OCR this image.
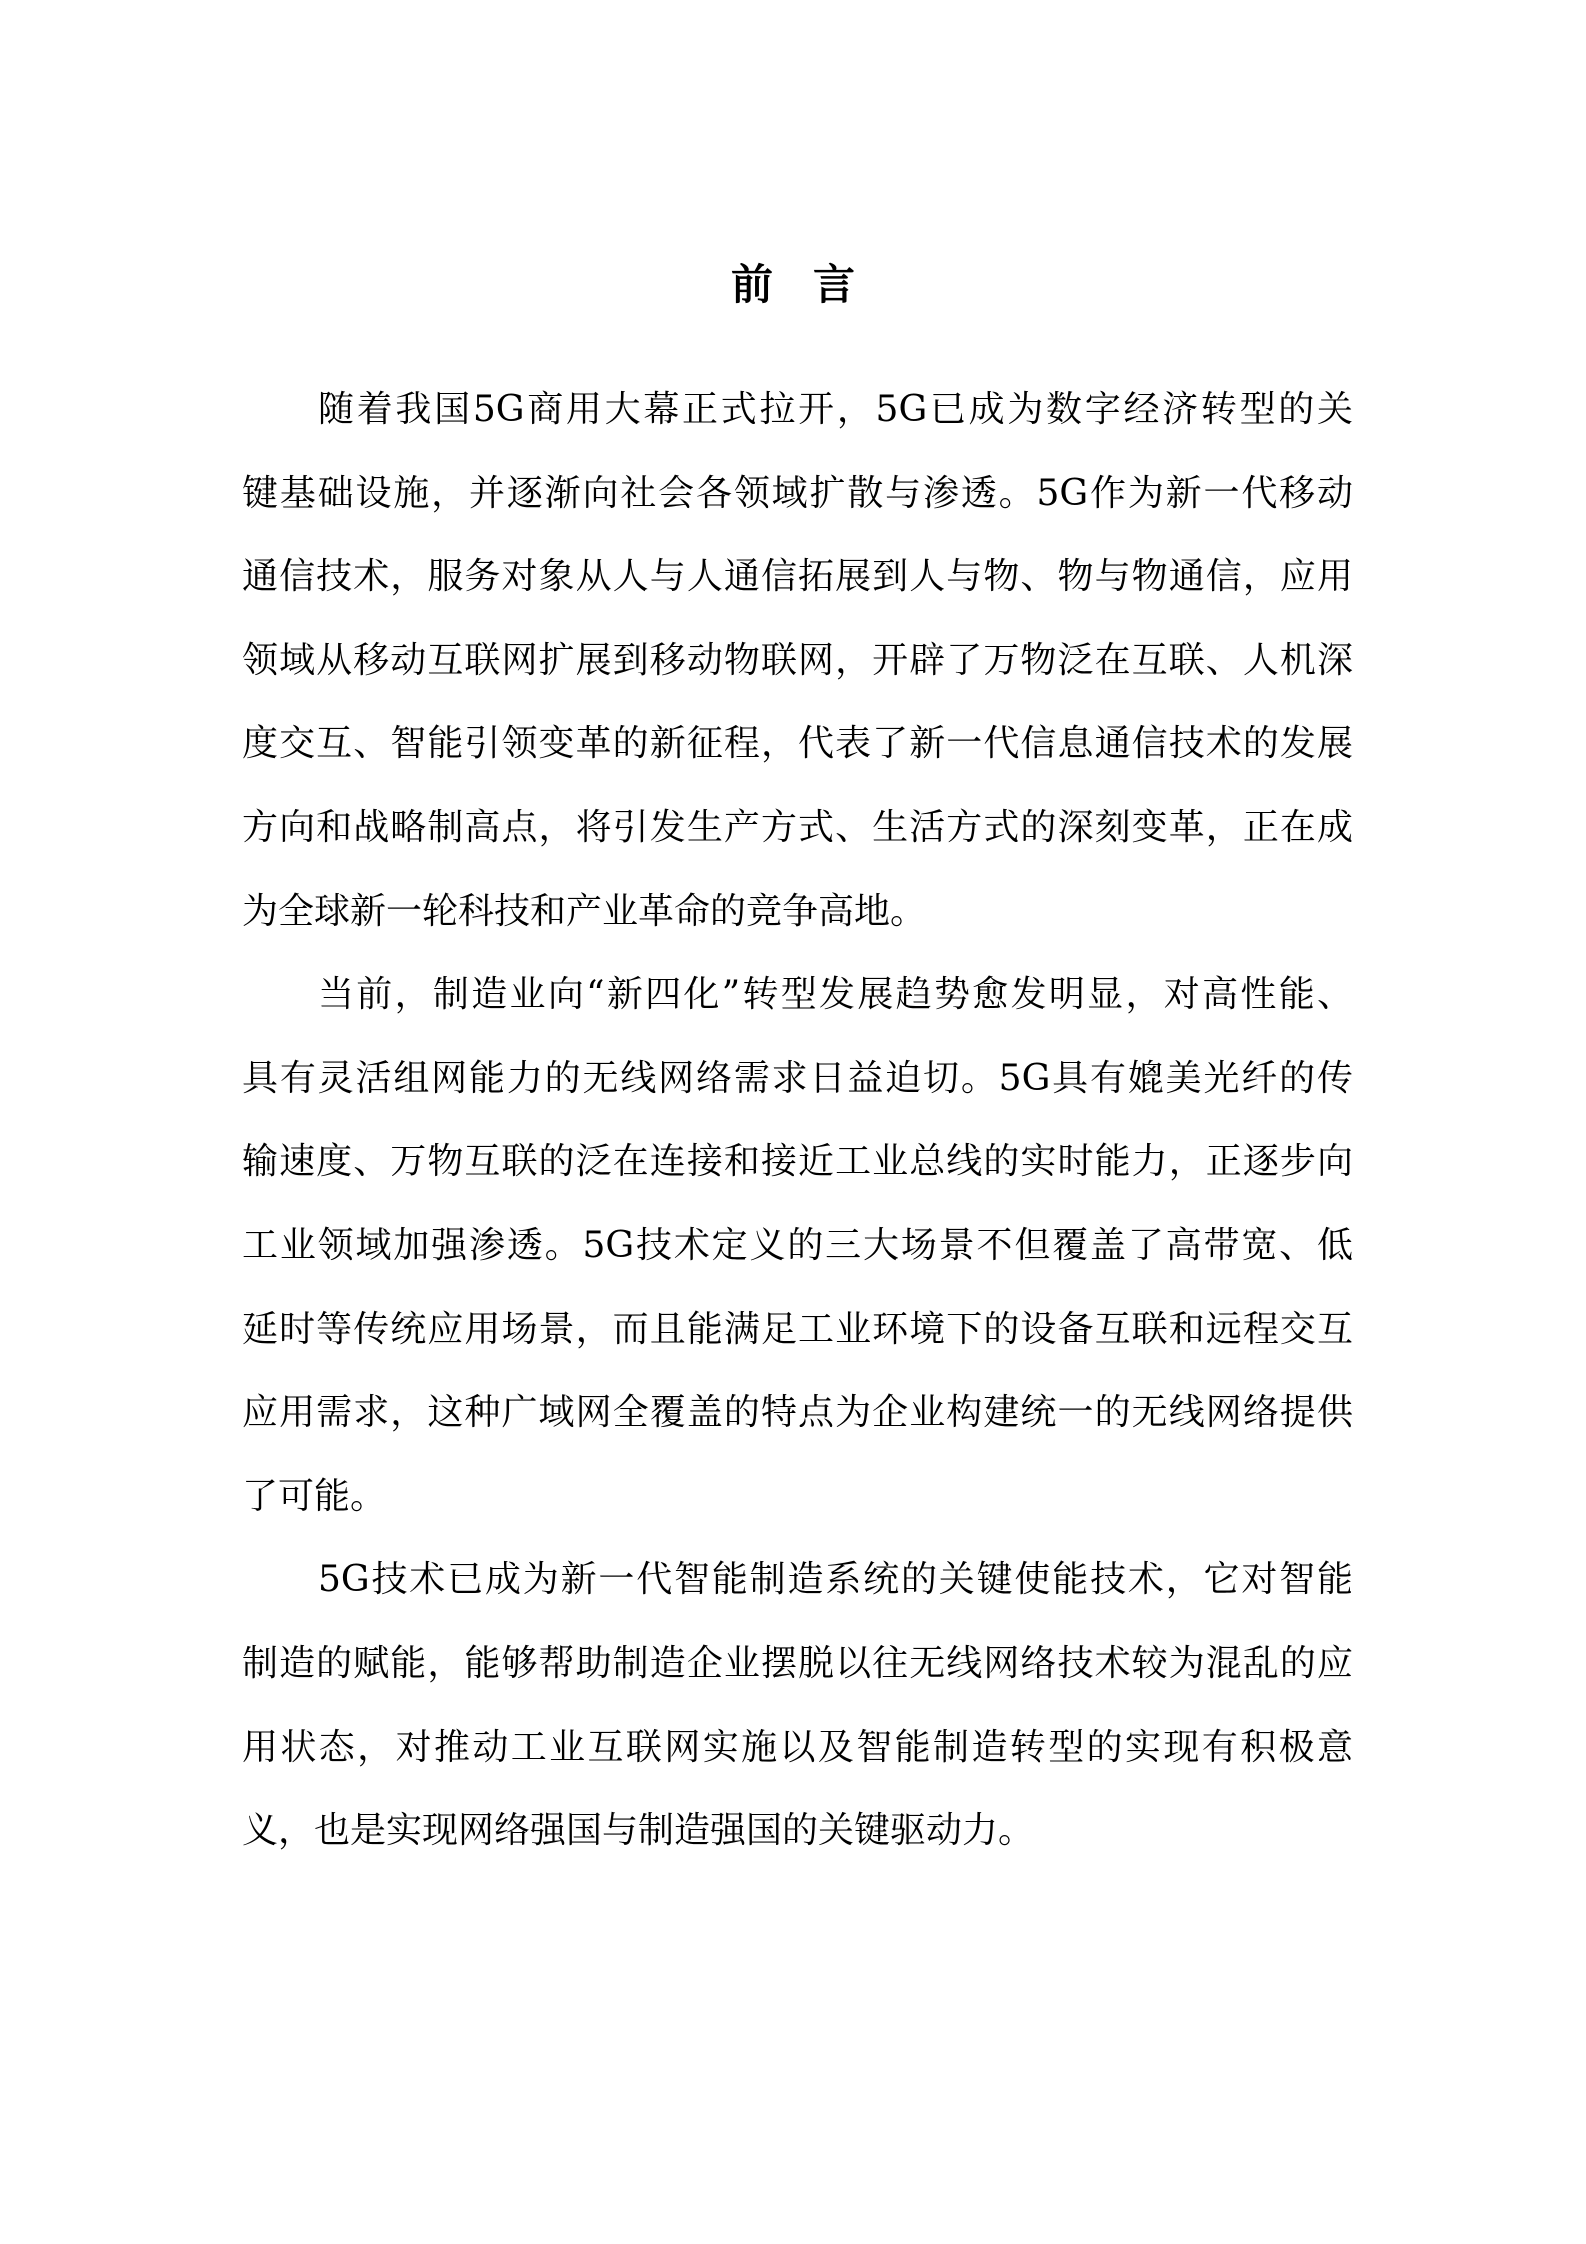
前言
随着我国5G商用大幕正式拉开，5G已成为数字经济转型的关
键基础设施，并逐渐向社会各领域扩散与渗透。5G作为新一代移动
通信技术，服务对象从人与人通信拓展到人与物、物与物通信，应用
领域从移动互联网扩展到移动物联网，开辟了万物泛在互联、人机深
度交互、智能引领变革的新征程，代表了新一代信息通信技术的发展
方向和战略制高点，将引发生产方式、生活方式的深刻变革，正在成
为全球新一轮科技和产业革命的竞争高地。
当前，制造业向“新四化”转型发展趋势愈发明显，对高性能、
具有灵活组网能力的无线网络需求日益迫切。5G具有媲美光纤的传
输速度、万物互联的泛在连接和接近工业总线的实时能力，正逐步向
工业领域加强渗透。5G技术定义的三大场景不但覆盖了高带宽、低
延时等传统应用场景，而且能满足工业环境下的设备互联和远程交互
应用需求，这种广域网全覆盖的特点为企业构建统一的无线网络提供
了可能。
5G技术已成为新一代智能制造系统的关键使能技术，它对智能
制造的赋能，能够帮助制造企业摆脱以往无线网络技术较为混乱的应
用状态，对推动工业互联网实施以及智能制造转型的实现有积极意
义，也是实现网络强国与制造强国的关键驱动力。
